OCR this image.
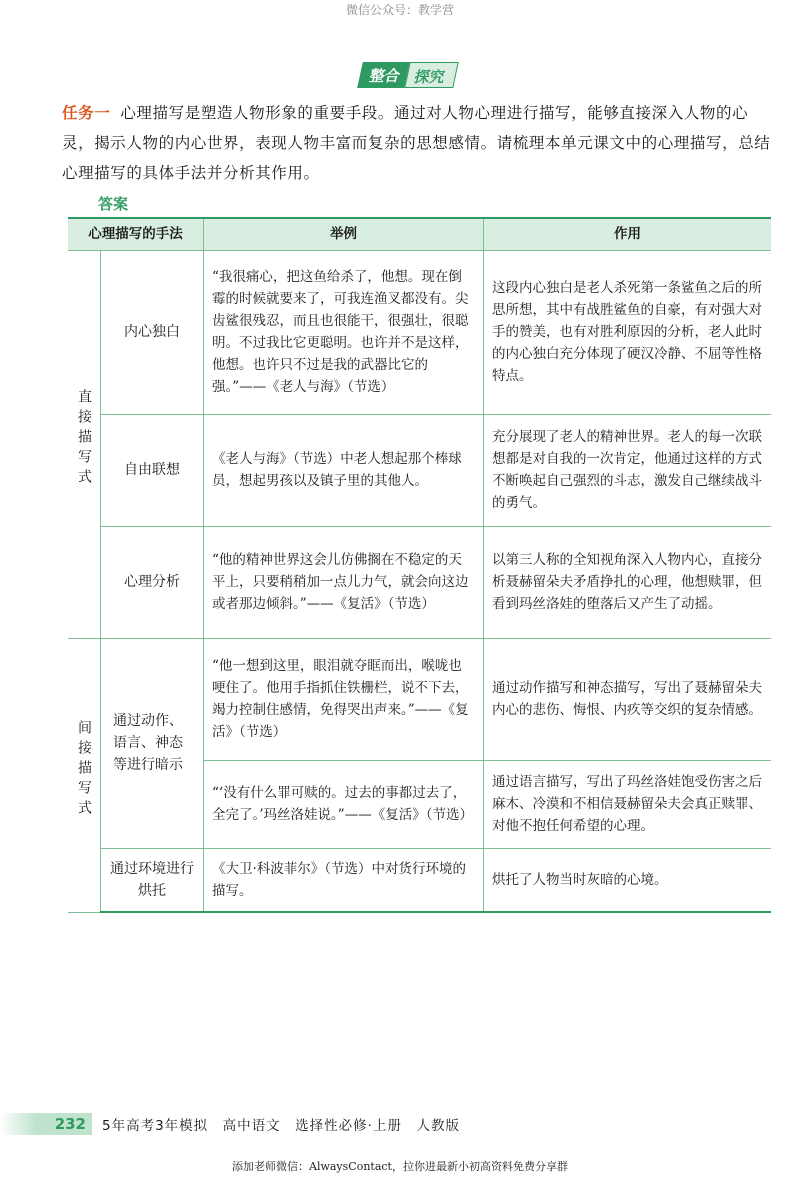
微信公众号：教学营
整合 探究
任务一 心理描写是塑造人物形象的重要手段。通过对人物心理进行描写，能够直接深入人物的心灵，揭示人物的内心世界，表现人物丰富而复杂的思想感情。请梳理本单元课文中的心理描写，总结心理描写的具体手法并分析其作用。
答案
心理描写的手法		举例	作用
直接描写式	内心独白	“我很痛心，把这鱼给杀了，他想。现在倒霉的时候就要来了，可我连渔叉都没有。尖齿鲨很残忍，而且也很能干，很强壮，很聪明。不过我比它更聪明。也许并不是这样，他想。也许只不过是我的武器比它的强。”——《老人与海》（节选）	这段内心独白是老人杀死第一条鲨鱼之后的所思所想，其中有战胜鲨鱼的自豪，有对强大对手的赞美，也有对胜利原因的分析，老人此时的内心独白充分体现了硬汉冷静、不屈等性格特点。
	自由联想	《老人与海》（节选）中老人想起那个棒球员，想起男孩以及镇子里的其他人。	充分展现了老人的精神世界。老人的每一次联想都是对自我的一次肯定，他通过这样的方式不断唤起自己强烈的斗志，激发自己继续战斗的勇气。
	心理分析	“他的精神世界这会儿仿佛搁在不稳定的天平上，只要稍稍加一点儿力气，就会向这边或者那边倾斜。”——《复活》（节选）	以第三人称的全知视角深入人物内心，直接分析聂赫留朵夫矛盾挣扎的心理，他想赎罪，但看到玛丝洛娃的堕落后又产生了动摇。
间接描写式	通过动作、语言、神态等进行暗示	“他一想到这里，眼泪就夺眶而出，喉咙也哽住了。他用手指抓住铁栅栏，说不下去，竭力控制住感情，免得哭出声来。”——《复活》（节选）	通过动作描写和神态描写，写出了聂赫留朵夫内心的悲伤、悔恨、内疚等交织的复杂情感。
		“‘没有什么罪可赎的。过去的事都过去了，全完了。’玛丝洛娃说。”——《复活》（节选）	通过语言描写，写出了玛丝洛娃饱受伤害之后麻木、冷漠和不相信聂赫留朵夫会真正赎罪、对他不抱任何希望的心理。
	通过环境进行烘托	《大卫·科波菲尔》（节选）中对货行环境的描写。	烘托了人物当时灰暗的心境。
232 5年高考3年模拟　高中语文　选择性必修·上册　人教版
添加老师微信：AlwaysContact，拉你进最新小初高资料免费分享群
